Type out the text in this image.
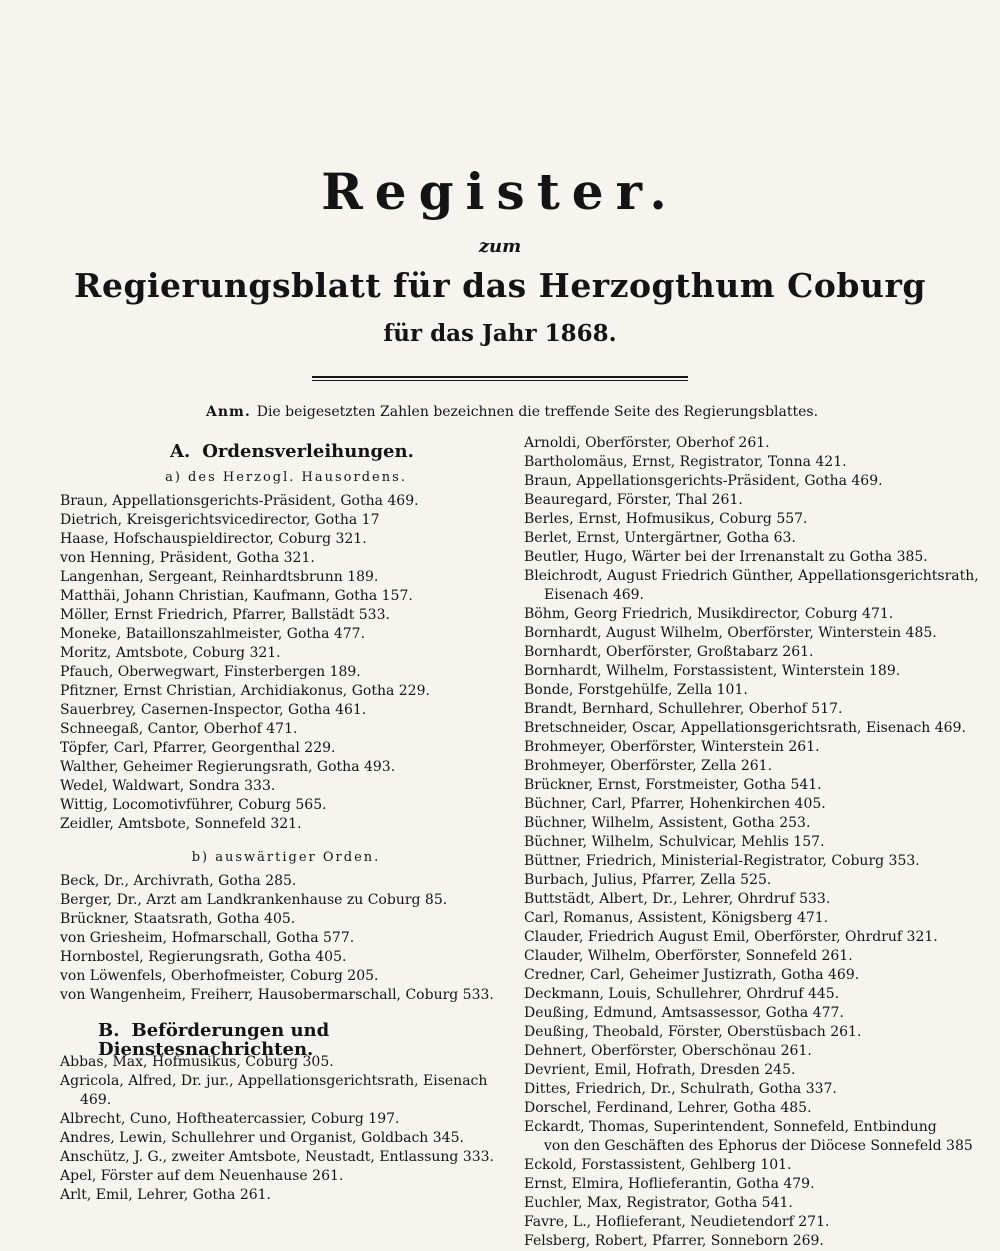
Register.
zum
Regierungsblatt für das Herzogthum Coburg
für das Jahr 1868.
Anm. Die beigesetzten Zahlen bezeichnen die treffende Seite des Regierungsblattes.
A. Ordensverleihungen.
a) des Herzogl. Hausordens.
Braun, Appellationsgerichts-Präsident, Gotha 469.
Dietrich, Kreisgerichtsvicedirector, Gotha 17
Haase, Hofschauspieldirector, Coburg 321.
von Henning, Präsident, Gotha 321.
Langenhan, Sergeant, Reinhardtsbrunn 189.
Matthäi, Johann Christian, Kaufmann, Gotha 157.
Möller, Ernst Friedrich, Pfarrer, Ballstädt 533.
Moneke, Bataillonszahlmeister, Gotha 477.
Moritz, Amtsbote, Coburg 321.
Pfauch, Oberwegwart, Finsterbergen 189.
Pfitzner, Ernst Christian, Archidiakonus, Gotha 229.
Sauerbrey, Casernen-Inspector, Gotha 461.
Schneegaß, Cantor, Oberhof 471.
Töpfer, Carl, Pfarrer, Georgenthal 229.
Walther, Geheimer Regierungsrath, Gotha 493.
Wedel, Waldwart, Sondra 333.
Wittig, Locomotivführer, Coburg 565.
Zeidler, Amtsbote, Sonnefeld 321.
b) auswärtiger Orden.
Beck, Dr., Archivrath, Gotha 285.
Berger, Dr., Arzt am Landkrankenhause zu Coburg 85.
Brückner, Staatsrath, Gotha 405.
von Griesheim, Hofmarschall, Gotha 577.
Hornbostel, Regierungsrath, Gotha 405.
von Löwenfels, Oberhofmeister, Coburg 205.
von Wangenheim, Freiherr, Hausobermarschall, Coburg 533.
B. Beförderungen und Dienstesnachrichten.
Abbas, Max, Hofmusikus, Coburg 305.
Agricola, Alfred, Dr. jur., Appellationsgerichtsrath, Eisenach
469.
Albrecht, Cuno, Hoftheatercassier, Coburg 197.
Andres, Lewin, Schullehrer und Organist, Goldbach 345.
Anschütz, J. G., zweiter Amtsbote, Neustadt, Entlassung 333.
Apel, Förster auf dem Neuenhause 261.
Arlt, Emil, Lehrer, Gotha 261.
Arnoldi, Oberförster, Oberhof 261.
Bartholomäus, Ernst, Registrator, Tonna 421.
Braun, Appellationsgerichts-Präsident, Gotha 469.
Beauregard, Förster, Thal 261.
Berles, Ernst, Hofmusikus, Coburg 557.
Berlet, Ernst, Untergärtner, Gotha 63.
Beutler, Hugo, Wärter bei der Irrenanstalt zu Gotha 385.
Bleichrodt, August Friedrich Günther, Appellationsgerichtsrath,
Eisenach 469.
Böhm, Georg Friedrich, Musikdirector, Coburg 471.
Bornhardt, August Wilhelm, Oberförster, Winterstein 485.
Bornhardt, Oberförster, Großtabarz 261.
Bornhardt, Wilhelm, Forstassistent, Winterstein 189.
Bonde, Forstgehülfe, Zella 101.
Brandt, Bernhard, Schullehrer, Oberhof 517.
Bretschneider, Oscar, Appellationsgerichtsrath, Eisenach 469.
Brohmeyer, Oberförster, Winterstein 261.
Brohmeyer, Oberförster, Zella 261.
Brückner, Ernst, Forstmeister, Gotha 541.
Büchner, Carl, Pfarrer, Hohenkirchen 405.
Büchner, Wilhelm, Assistent, Gotha 253.
Büchner, Wilhelm, Schulvicar, Mehlis 157.
Büttner, Friedrich, Ministerial-Registrator, Coburg 353.
Burbach, Julius, Pfarrer, Zella 525.
Buttstädt, Albert, Dr., Lehrer, Ohrdruf 533.
Carl, Romanus, Assistent, Königsberg 471.
Clauder, Friedrich August Emil, Oberförster, Ohrdruf 321.
Clauder, Wilhelm, Oberförster, Sonnefeld 261.
Credner, Carl, Geheimer Justizrath, Gotha 469.
Deckmann, Louis, Schullehrer, Ohrdruf 445.
Deußing, Edmund, Amtsassessor, Gotha 477.
Deußing, Theobald, Förster, Oberstüsbach 261.
Dehnert, Oberförster, Oberschönau 261.
Devrient, Emil, Hofrath, Dresden 245.
Dittes, Friedrich, Dr., Schulrath, Gotha 337.
Dorschel, Ferdinand, Lehrer, Gotha 485.
Eckardt, Thomas, Superintendent, Sonnefeld, Entbindung
von den Geschäften des Ephorus der Diöcese Sonnefeld 385
Eckold, Forstassistent, Gehlberg 101.
Ernst, Elmira, Hoflieferantin, Gotha 479.
Euchler, Max, Registrator, Gotha 541.
Favre, L., Hoflieferant, Neudietendorf 271.
Felsberg, Robert, Pfarrer, Sonneborn 269.
